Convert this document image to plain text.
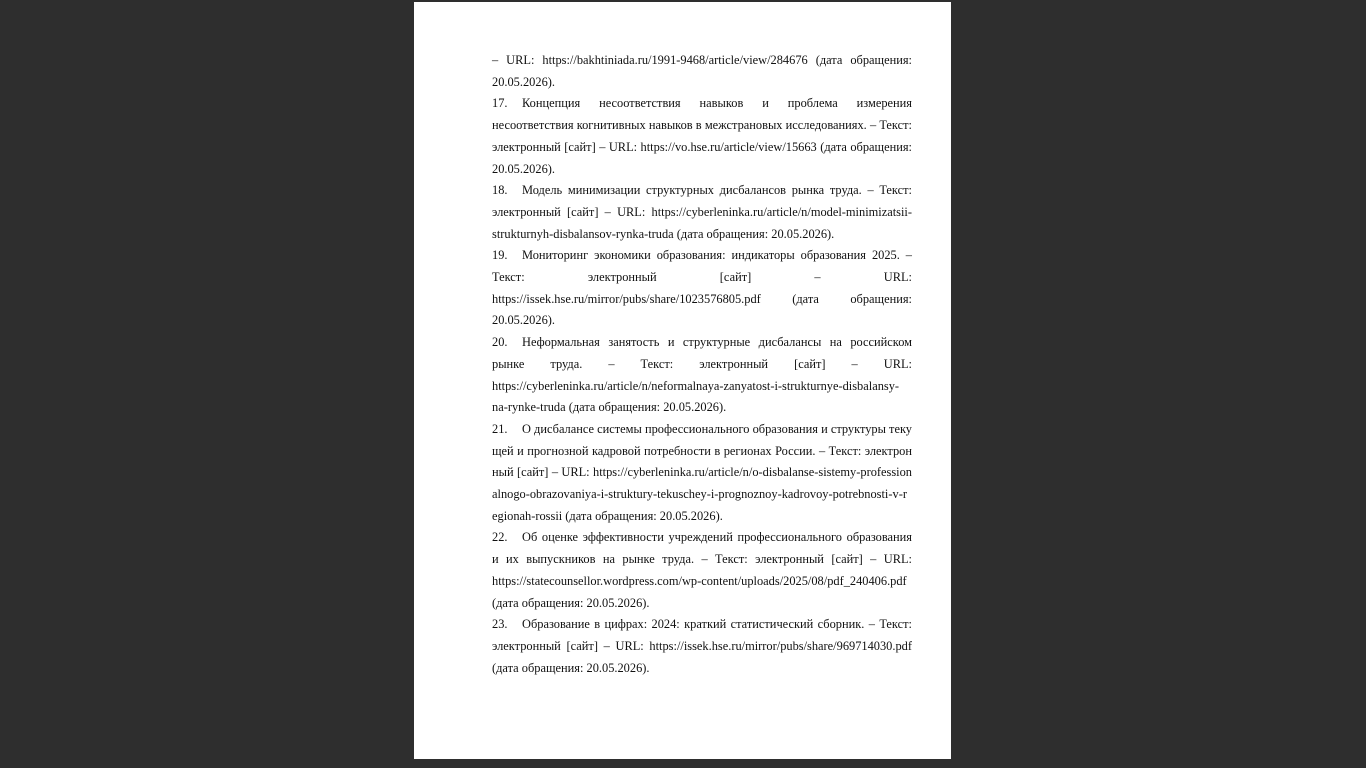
– URL: https://bakhtiniada.ru/1991-9468/article/view/284676 (дата обращения: 20.05.2026).

17. Концепция несоответствия навыков и проблема измерения несоответствия когнитивных навыков в межстрановых исследованиях. – Текст: электронный [сайт] – URL: https://vo.hse.ru/article/view/15663 (дата обращения: 20.05.2026).

18. Модель минимизации структурных дисбалансов рынка труда. – Текст: электронный [сайт] – URL: https://cyberleninka.ru/article/n/model-minimizatsii-strukturnyh-disbalansov-rynka-truda (дата обращения: 20.05.2026).

19. Мониторинг экономики образования: индикаторы образования 2025. – Текст: электронный [сайт] – URL: https://issek.hse.ru/mirror/pubs/share/1023576805.pdf (дата обращения: 20.05.2026).

20. Неформальная занятость и структурные дисбалансы на российском рынке труда. – Текст: электронный [сайт] – URL: https://cyberleninka.ru/article/n/neformalnaya-zanyatost-i-strukturnye-disbalansy-na-rynke-truda (дата обращения: 20.05.2026).

21. О дисбалансе системы профессионального образования и структуры текущей и прогнозной кадровой потребности в регионах России. – Текст: электронный [сайт] – URL: https://cyberleninka.ru/article/n/o-disbalanse-sistemy-professionalnogo-obrazovaniya-i-struktury-tekuschey-i-prognoznoy-kadrovoy-potrebnosti-v-regionah-rossii (дата обращения: 20.05.2026).

22. Об оценке эффективности учреждений профессионального образования и их выпускников на рынке труда. – Текст: электронный [сайт] – URL: https://statecounsellor.wordpress.com/wp-content/uploads/2025/08/pdf_240406.pdf (дата обращения: 20.05.2026).

23. Образование в цифрах: 2024: краткий статистический сборник. – Текст: электронный [сайт] – URL: https://issek.hse.ru/mirror/pubs/share/969714030.pdf (дата обращения: 20.05.2026).
